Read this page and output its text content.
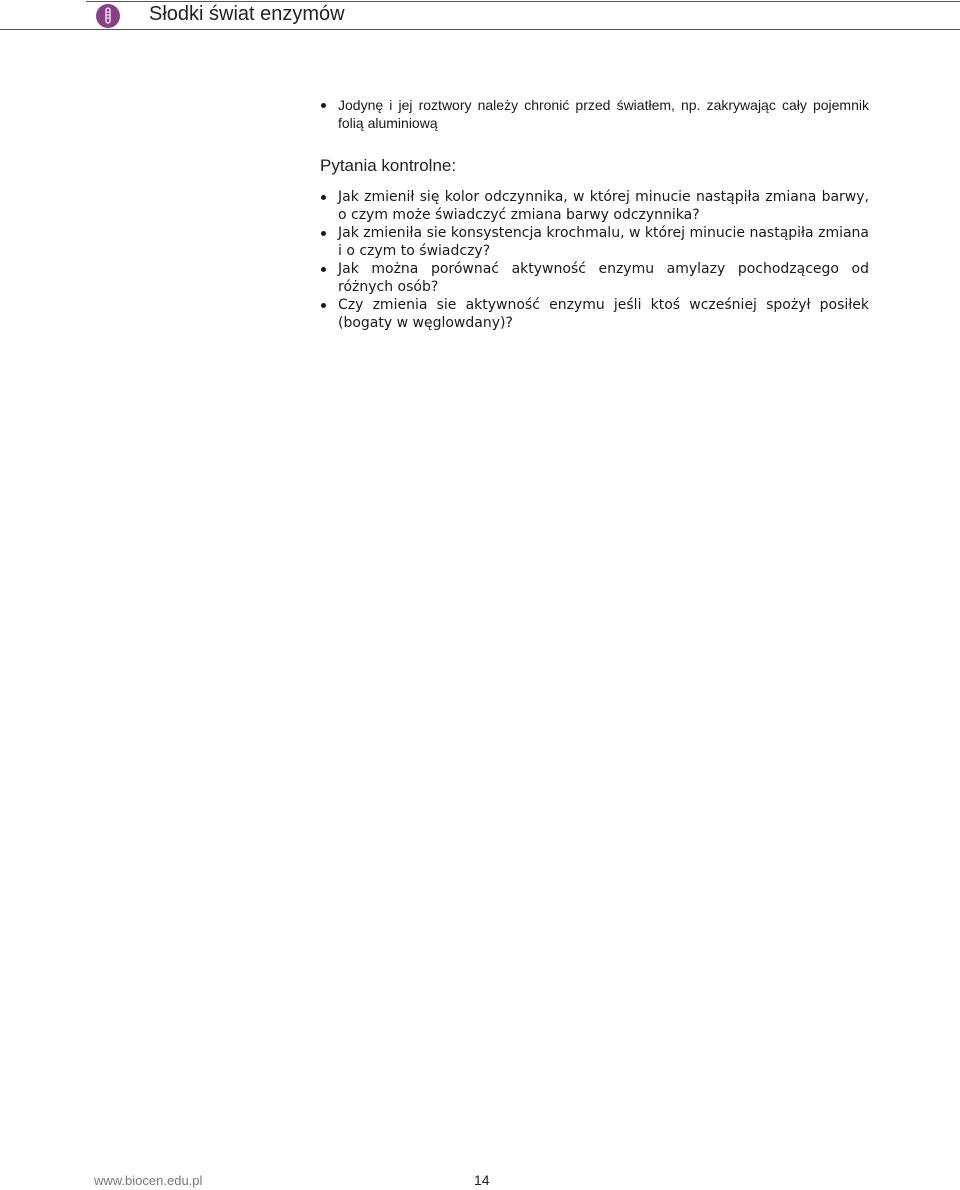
Słodki świat enzymów
Jodynę i jej roztwory należy chronić przed światłem, np. zakrywając cały pojemnik folią aluminiową
Pytania kontrolne:
Jak zmienił się kolor odczynnika, w której minucie nastąpiła zmiana barwy, o czym może świadczyć zmiana barwy odczynnika?
Jak zmieniła sie konsystencja krochmalu, w której minucie nastąpiła zmiana i o czym to świadczy?
Jak można porównać aktywność enzymu amylazy pochodzącego od różnych osób?
Czy zmienia sie aktywność enzymu jeśli ktoś wcześniej spożył posiłek (bogaty w węglowdany)?
www.biocen.edu.pl	14
